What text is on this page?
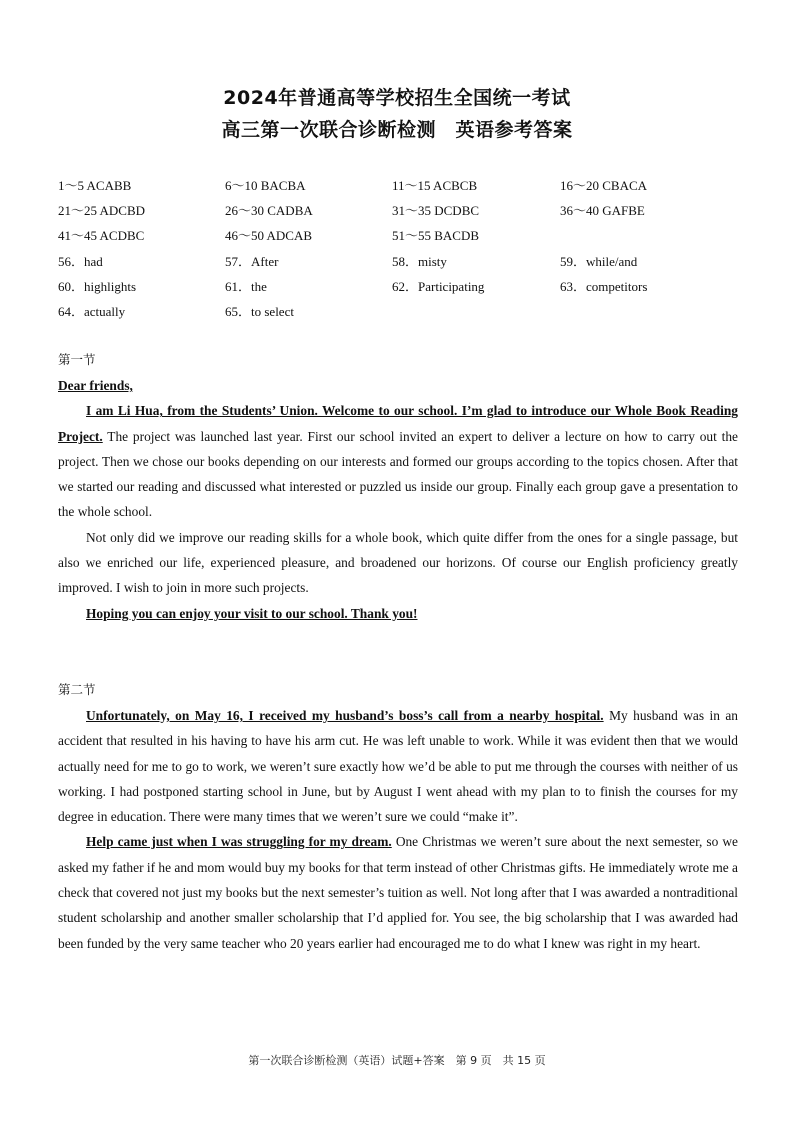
2024年普通高等学校招生全国统一考试
高三第一次联合诊断检测　英语参考答案
1～5 ACABB	6～10 BACBA	11～15 ACBCB	16～20 CBACA
21～25 ADCBD	26～30 CADBA	31～35 DCDBC	36～40 GAFBE
41～45 ACDBC	46～50 ADCAB	51～55 BACDB
56．had	57．After	58．misty	59．while/and
60．highlights	61．the	62．Participating	63．competitors
64．actually	65．to select
第一节

Dear friends,

I am Li Hua, from the Students’ Union. Welcome to our school. I’m glad to introduce our Whole Book Reading Project. The project was launched last year. First our school invited an expert to deliver a lecture on how to carry out the project. Then we chose our books depending on our interests and formed our groups according to the topics chosen. After that we started our reading and discussed what interested or puzzled us inside our group. Finally each group gave a presentation to the whole school.

Not only did we improve our reading skills for a whole book, which quite differ from the ones for a single passage, but also we enriched our life, experienced pleasure, and broadened our horizons. Of course our English proficiency greatly improved. I wish to join in more such projects.

Hoping you can enjoy your visit to our school. Thank you!

第二节

Unfortunately, on May 16, I received my husband’s boss’s call from a nearby hospital. My husband was in an accident that resulted in his having to have his arm cut. He was left unable to work. While it was evident then that we would actually need for me to go to work, we weren’t sure exactly how we’d be able to put me through the courses with neither of us working. I had postponed starting school in June, but by August I went ahead with my plan to to finish the courses for my degree in education. There were many times that we weren’t sure we could “make it”.

Help came just when I was struggling for my dream. One Christmas we weren’t sure about the next semester, so we asked my father if he and mom would buy my books for that term instead of other Christmas gifts. He immediately wrote me a check that covered not just my books but the next semester’s tuition as well. Not long after that I was awarded a nontraditional student scholarship and another smaller scholarship that I’d applied for. You see, the big scholarship that I was awarded had been funded by the very same teacher who 20 years earlier had encouraged me to do what I knew was right in my heart.

第一次联合诊断检测（英语）试题+答案　第 9 页　共 15 页
